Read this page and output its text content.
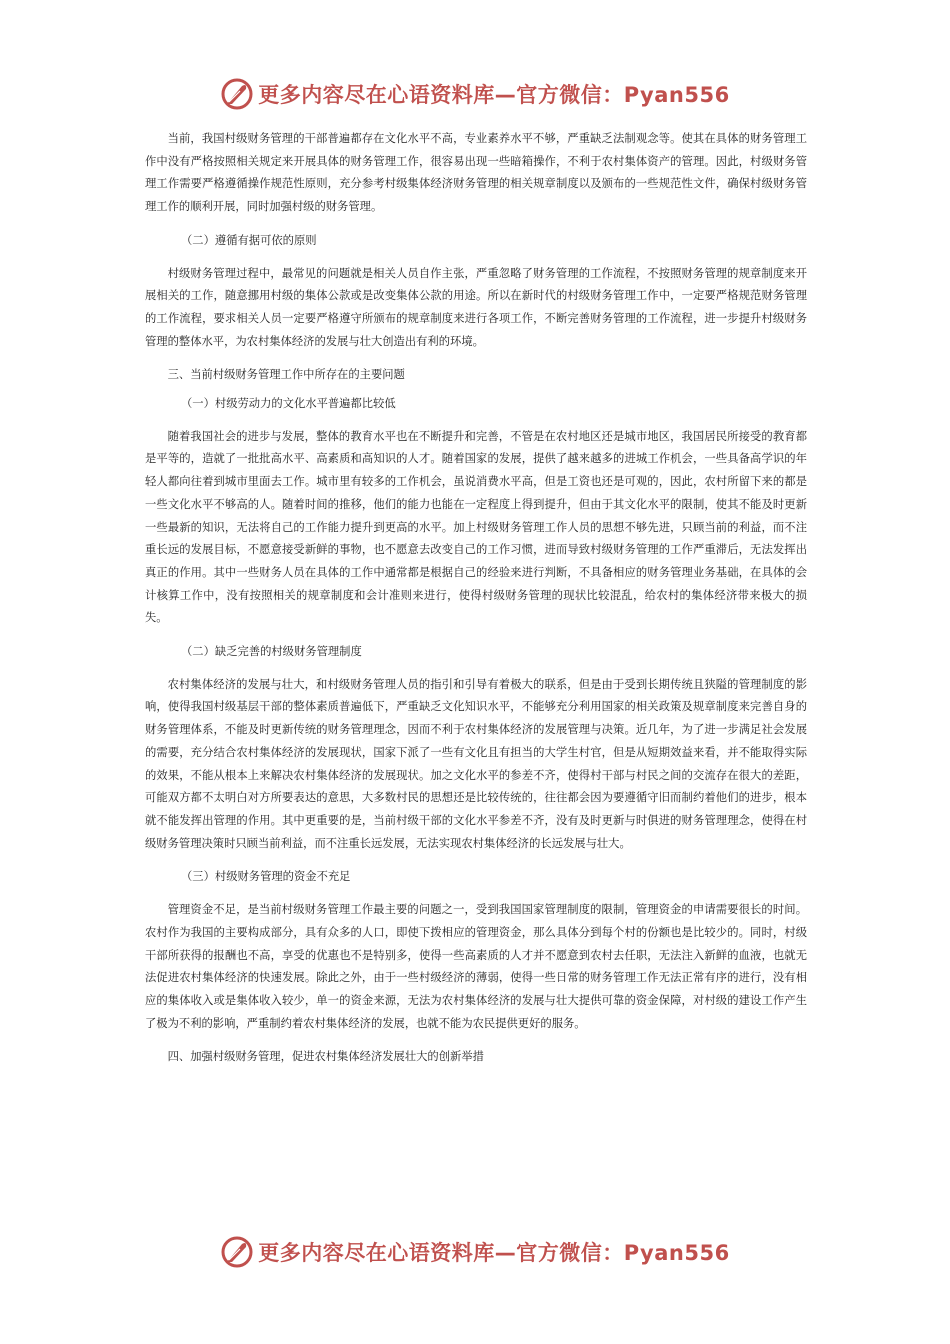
更多内容尽在心语资料库—官方微信：Pyan556

当前，我国村级财务管理的干部普遍都存在文化水平不高，专业素养水平不够，严重缺乏法制观念等。使其在具体的财务管理工作中没有严格按照相关规定来开展具体的财务管理工作，很容易出现一些暗箱操作，不利于农村集体资产的管理。因此，村级财务管理工作需要严格遵循操作规范性原则，充分参考村级集体经济财务管理的相关规章制度以及颁布的一些规范性文件，确保村级财务管理工作的顺利开展，同时加强村级的财务管理。

（二）遵循有据可依的原则

村级财务管理过程中，最常见的问题就是相关人员自作主张，严重忽略了财务管理的工作流程，不按照财务管理的规章制度来开展相关的工作，随意挪用村级的集体公款或是改变集体公款的用途。所以在新时代的村级财务管理工作中，一定要严格规范财务管理的工作流程，要求相关人员一定要严格遵守所颁布的规章制度来进行各项工作，不断完善财务管理的工作流程，进一步提升村级财务管理的整体水平，为农村集体经济的发展与壮大创造出有利的环境。

三、当前村级财务管理工作中所存在的主要问题

（一）村级劳动力的文化水平普遍都比较低

随着我国社会的进步与发展，整体的教育水平也在不断提升和完善，不管是在农村地区还是城市地区，我国居民所接受的教育都是平等的，造就了一批批高水平、高素质和高知识的人才。随着国家的发展，提供了越来越多的进城工作机会，一些具备高学识的年轻人都向往着到城市里面去工作。城市里有较多的工作机会，虽说消费水平高，但是工资也还是可观的，因此，农村所留下来的都是一些文化水平不够高的人。随着时间的推移，他们的能力也能在一定程度上得到提升，但由于其文化水平的限制，使其不能及时更新一些最新的知识，无法将自己的工作能力提升到更高的水平。加上村级财务管理工作人员的思想不够先进，只顾当前的利益，而不注重长远的发展目标，不愿意接受新鲜的事物，也不愿意去改变自己的工作习惯，进而导致村级财务管理的工作严重滞后，无法发挥出真正的作用。其中一些财务人员在具体的工作中通常都是根据自己的经验来进行判断，不具备相应的财务管理业务基础，在具体的会计核算工作中，没有按照相关的规章制度和会计准则来进行，使得村级财务管理的现状比较混乱，给农村的集体经济带来极大的损失。

（二）缺乏完善的村级财务管理制度

农村集体经济的发展与壮大，和村级财务管理人员的指引和引导有着极大的联系，但是由于受到长期传统且狭隘的管理制度的影响，使得我国村级基层干部的整体素质普遍低下，严重缺乏文化知识水平，不能够充分利用国家的相关政策及规章制度来完善自身的财务管理体系，不能及时更新传统的财务管理理念，因而不利于农村集体经济的发展管理与决策。近几年，为了进一步满足社会发展的需要，充分结合农村集体经济的发展现状，国家下派了一些有文化且有担当的大学生村官，但是从短期效益来看，并不能取得实际的效果，不能从根本上来解决农村集体经济的发展现状。加之文化水平的参差不齐，使得村干部与村民之间的交流存在很大的差距，可能双方都不太明白对方所要表达的意思，大多数村民的思想还是比较传统的，往往都会因为要遵循守旧而制约着他们的进步，根本就不能发挥出管理的作用。其中更重要的是，当前村级干部的文化水平参差不齐，没有及时更新与时俱进的财务管理理念，使得在村级财务管理决策时只顾当前利益，而不注重长远发展，无法实现农村集体经济的长远发展与壮大。

（三）村级财务管理的资金不充足

管理资金不足，是当前村级财务管理工作最主要的问题之一，受到我国国家管理制度的限制，管理资金的申请需要很长的时间。农村作为我国的主要构成部分，具有众多的人口，即使下拨相应的管理资金，那么具体分到每个村的份额也是比较少的。同时，村级干部所获得的报酬也不高，享受的优惠也不是特别多，使得一些高素质的人才并不愿意到农村去任职，无法注入新鲜的血液，也就无法促进农村集体经济的快速发展。除此之外，由于一些村级经济的薄弱，使得一些日常的财务管理工作无法正常有序的进行，没有相应的集体收入或是集体收入较少，单一的资金来源，无法为农村集体经济的发展与壮大提供可靠的资金保障，对村级的建设工作产生了极为不利的影响，严重制约着农村集体经济的发展，也就不能为农民提供更好的服务。

四、加强村级财务管理，促进农村集体经济发展壮大的创新举措

更多内容尽在心语资料库—官方微信：Pyan556
